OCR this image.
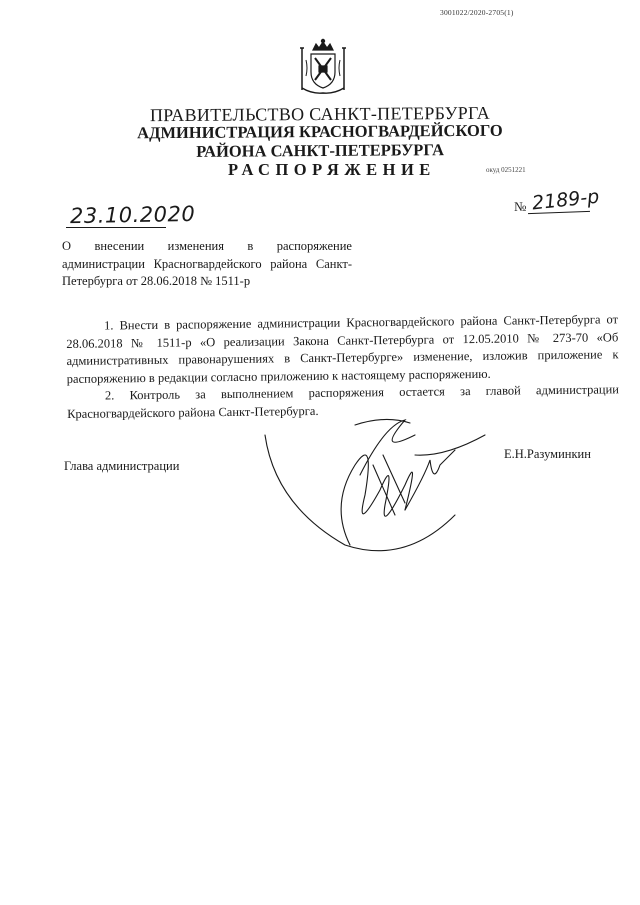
3001022/2020-2705(1)
ПРАВИТЕЛЬСТВО САНКТ-ПЕТЕРБУРГА
АДМИНИСТРАЦИЯ КРАСНОГВАРДЕЙСКОГО
РАЙОНА САНКТ-ПЕТЕРБУРГА
РАСПОРЯЖЕНИЕ	окуд 0251221
23.10.2020	№ 2189-р
О внесении изменения в распоряжение администрации Красногвардейского района Санкт-Петербурга от 28.06.2018 № 1511-р

1. Внести в распоряжение администрации Красногвардейского района Санкт-Петербурга от 28.06.2018 № 1511-р «О реализации Закона Санкт-Петербурга от 12.05.2010 № 273-70 «Об административных правонарушениях в Санкт-Петербурге» изменение, изложив приложение к распоряжению в редакции согласно приложению к настоящему распоряжению.

2. Контроль за выполнением распоряжения остается за главой администрации Красногвардейского района Санкт-Петербурга.

Глава администрации
Е.Н.Разуминкин
